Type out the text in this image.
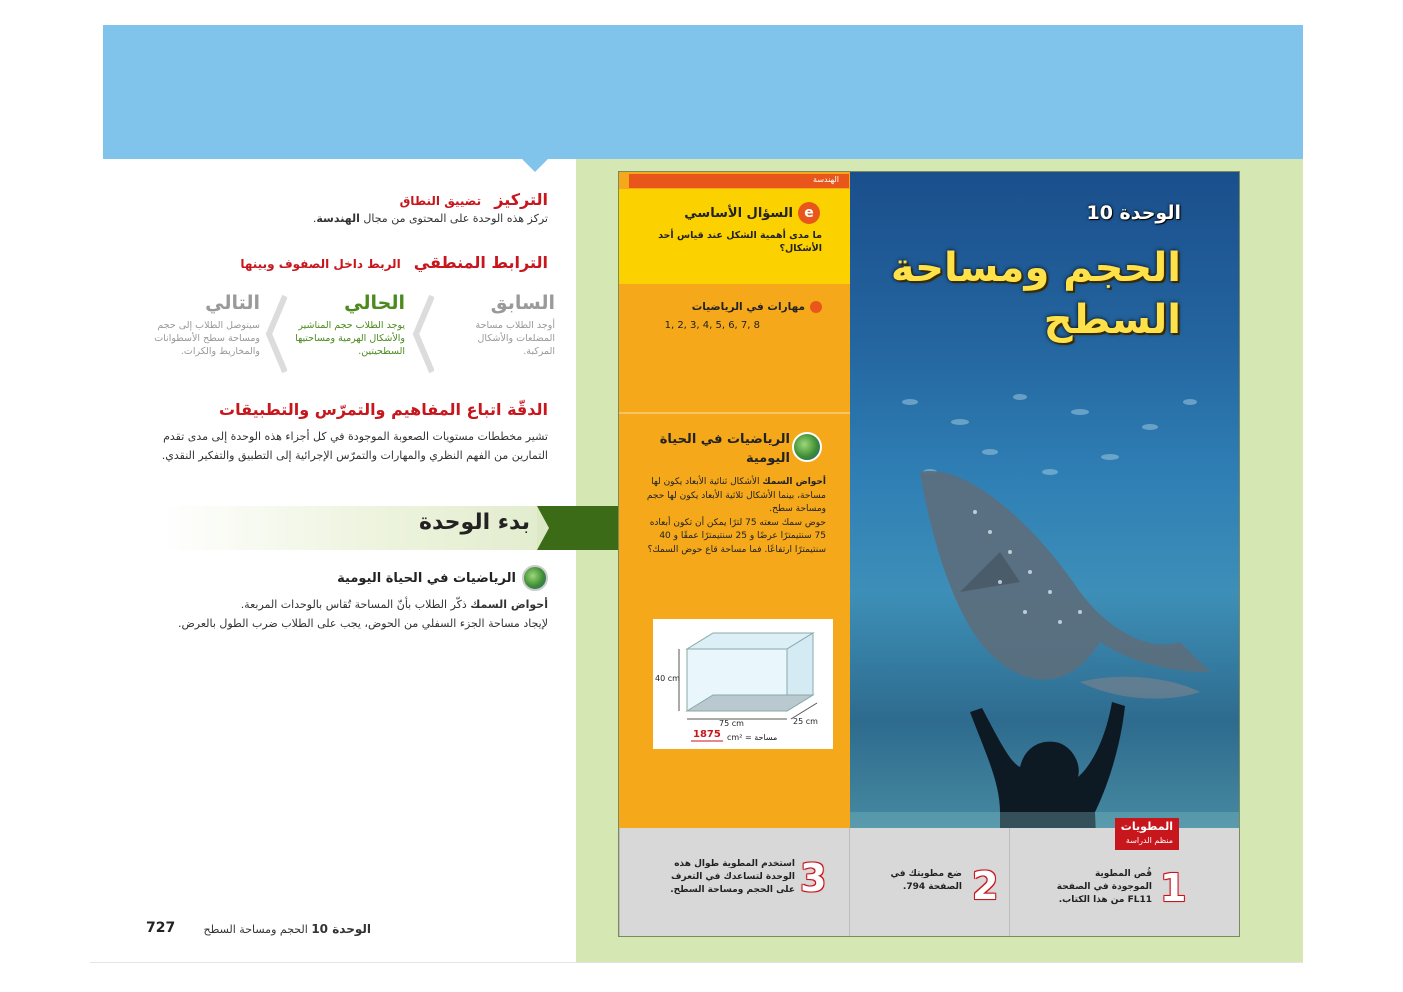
التركيز تضييق النطاق
تركز هذه الوحدة على المحتوى من مجال الهندسة.
الترابط المنطقي الربط داخل الصفوف وبينها
السابق
أوجد الطلاب مساحة المضلعات والأشكال المركبة.
الحالي
يوجد الطلاب حجم المناشير والأشكال الهرمية ومساحتيها السطحيتين.
التالي
سيتوصل الطلاب إلى حجم ومساحة سطح الأسطوانات والمخاريط والكرات.
الدقّة اتباع المفاهيم والتمرّس والتطبيقات
تشير مخططات مستويات الصعوبة الموجودة في كل أجزاء هذه الوحدة إلى مدى تقدم التمارين من الفهم النظري والمهارات والتمرّس الإجرائية إلى التطبيق والتفكير النقدي.
بدء الوحدة
الرياضيات في الحياة اليومية
أحواض السمك ذكّر الطلاب بأنّ المساحة تُقاس بالوحدات المربعة.
لإيجاد مساحة الجزء السفلي من الحوض، يجب على الطلاب ضرب الطول بالعرض.
الوحدة 10 الحجم ومساحة السطح
727
الوحدة 10
الحجم ومساحة السطح
الهندسة
e
السؤال الأساسي
ما مدى أهمية الشكل عند قياس أحد الأشكال؟
مهارات في الرياضيات
1, 2, 3, 4, 5, 6, 7, 8
الرياضيات في الحياة اليومية
أحواض السمك الأشكال ثنائية الأبعاد يكون لها مساحة، بينما الأشكال ثلاثية الأبعاد يكون لها حجم ومساحة سطح.
حوض سمك سعته 75 لترًا يمكن أن تكون أبعاده 75 سنتيمترًا عرضًا و 25 سنتيمترًا عمقًا و 40 سنتيمترًا ارتفاعًا. فما مساحة قاع حوض السمك؟
40 cm
75 cm	25 cm
1875 cm² = مساحة
المطويات
منظم الدراسة
3
استخدم المطوية طوال هذه الوحدة لتساعدك في التعرف على الحجم ومساحة السطح.	2
ضع مطويتك في الصفحة 794.	1
قُص المطوية الموجودة في الصفحة FL11 من هذا الكتاب.
